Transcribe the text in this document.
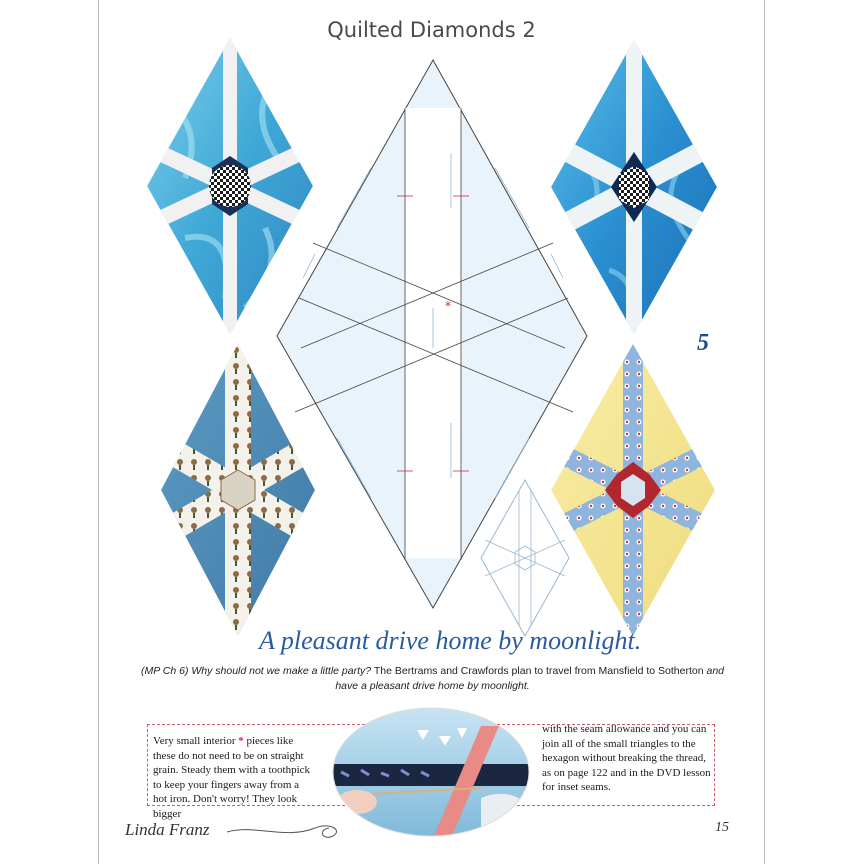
Quilted Diamonds 2
*
5
A pleasant drive home by moonlight.
(MP Ch 6) Why should not we make a little party? The Bertrams and Crawfords plan to travel from Mansfield to Sotherton and have a pleasant drive home by moonlight.
Very small interior * pieces like these do not need to be on straight grain. Steady them with a toothpick to keep your fingers away from a hot iron. Don't worry! They look bigger
with the seam allowance and you can join all of the small triangles to the hexagon without breaking the thread, as on page 122 and in the DVD lesson for inset seams.
Linda Franz	15
